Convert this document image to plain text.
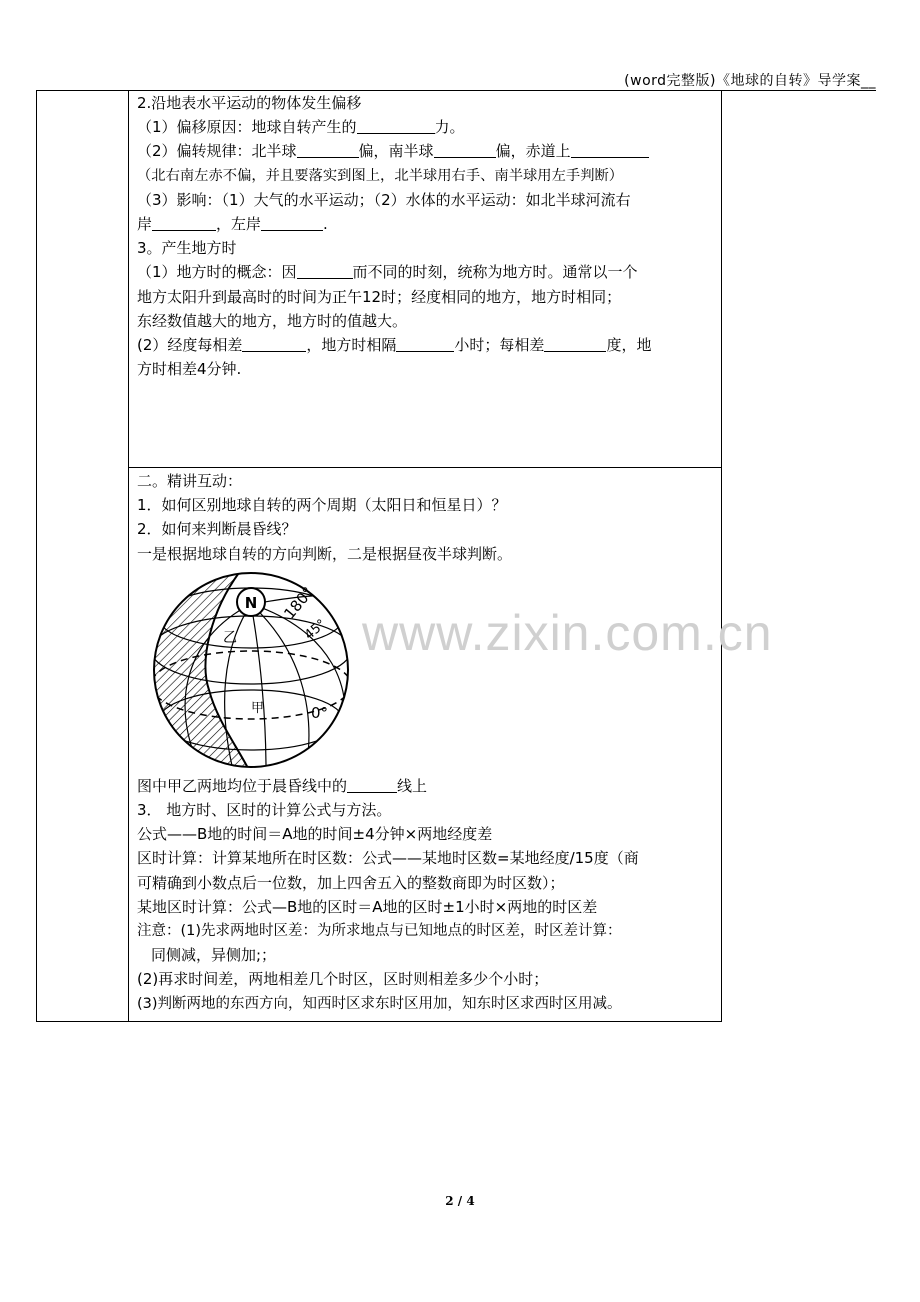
(word完整版)《地球的自转》导学案__
2.沿地表水平运动的物体发生偏移
（1）偏移原因：地球自转产生的	力。
（2）偏转规律：北半球	偏，南半球	偏，赤道上
（北右南左赤不偏，并且要落实到图上，北半球用右手、南半球用左手判断）
（3）影响：（1）大气的水平运动；（2）水体的水平运动：如北半球河流右
岸	，左岸	.
3。产生地方时
（1）地方时的概念：因	而不同的时刻，统称为地方时。通常以一个
地方太阳升到最高时的时间为正午12时；经度相同的地方，地方时相同；
东经数值越大的地方，地方时的值越大。
(2）经度每相差	，地方时相隔	小时；每相差	度，地
方时相差4分钟.
二。精讲互动：
1．如何区别地球自转的两个周期（太阳日和恒星日）？
2．如何来判断晨昏线？
一是根据地球自转的方向判断，二是根据昼夜半球判断。
N 180°
45°
0°
乙
甲
图中甲乙两地均位于晨昏线中的	线上
3． 地方时、区时的计算公式与方法。
公式——B地的时间＝A地的时间±4分钟×两地经度差
区时计算：计算某地所在时区数：公式——某地时区数=某地经度/15度（商
可精确到小数点后一位数，加上四舍五入的整数商即为时区数）；
某地区时计算：公式—B地的区时＝A地的区时±1小时×两地的时区差
注意：(1)先求两地时区差：为所求地点与已知地点的时区差，时区差计算：
同侧减，异侧加;；
(2)再求时间差，两地相差几个时区，区时则相差多少个小时；
(3)判断两地的东西方向，知西时区求东时区用加，知东时区求西时区用减。
www.zixin.com.cn
2 / 4
